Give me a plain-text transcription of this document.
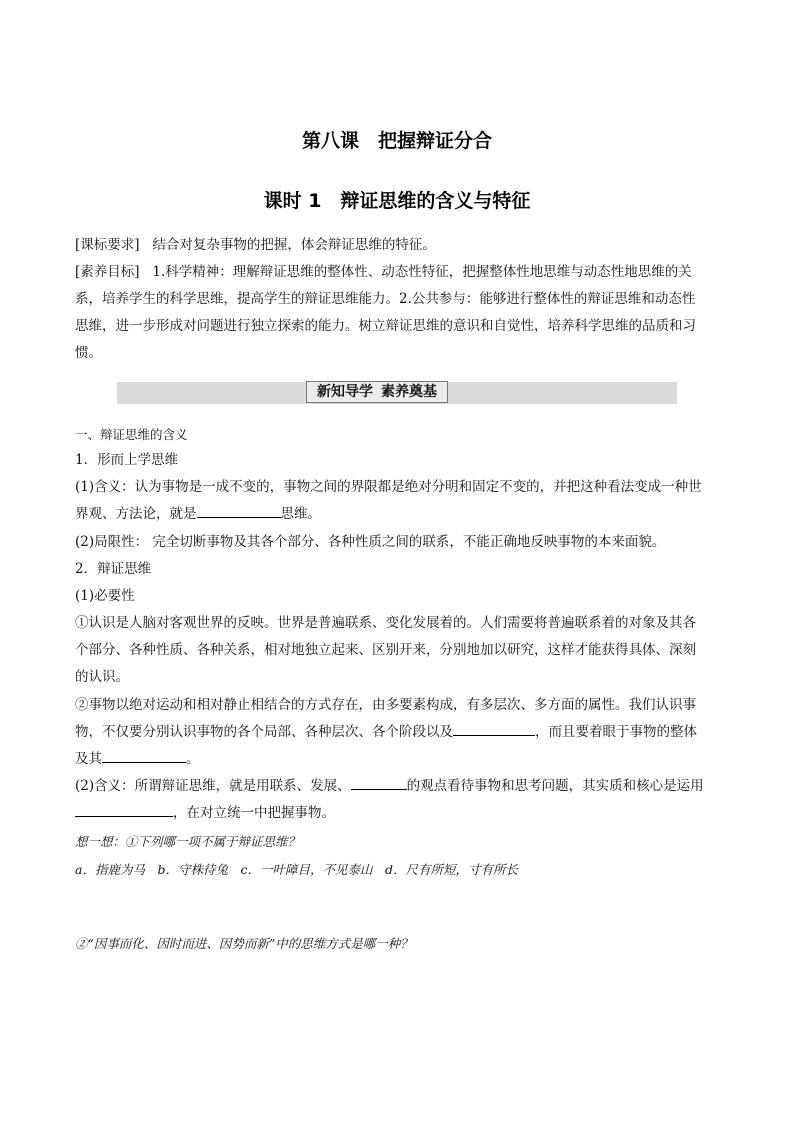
第八课　把握辩证分合
课时 1　辩证思维的含义与特征

[课标要求] 结合对复杂事物的把握，体会辩证思维的特征。

[素养目标] 1.科学精神：理解辩证思维的整体性、动态性特征，把握整体性地思维与动态性地思维的关

系，培养学生的科学思维，提高学生的辩证思维能力。2.公共参与：能够进行整体性的辩证思维和动态性

思维，进一步形成对问题进行独立探索的能力。树立辩证思维的意识和自觉性，培养科学思维的品质和习

惯。

新知导学 素养奠基

一、辩证思维的含义

1．形而上学思维

(1)含义：认为事物是一成不变的，事物之间的界限都是绝对分明和固定不变的，并把这种看法变成一种世

界观、方法论，就是	思维。

(2)局限性： 完全切断事物及其各个部分、各种性质之间的联系，不能正确地反映事物的本来面貌。

2．辩证思维

(1)必要性

①认识是人脑对客观世界的反映。世界是普遍联系、变化发展着的。人们需要将普遍联系着的对象及其各

个部分、各种性质、各种关系，相对地独立起来、区别开来，分别地加以研究，这样才能获得具体、深刻

的认识。

②事物以绝对运动和相对静止相结合的方式存在，由多要素构成，有多层次、多方面的属性。我们认识事

物，不仅要分别认识事物的各个局部、各种层次、各个阶段以及	，而且要着眼于事物的整体

及其	。

(2)含义：所谓辩证思维，就是用联系、发展、	的观点看待事物和思考问题，其实质和核心是运用

，在对立统一中把握事物。

想一想：①下列哪一项不属于辩证思维？

a．指鹿为马　b．守株待兔　c．一叶障目，不见泰山　d．尺有所短，寸有所长

②“因事而化、因时而进、因势而新”中的思维方式是哪一种？
